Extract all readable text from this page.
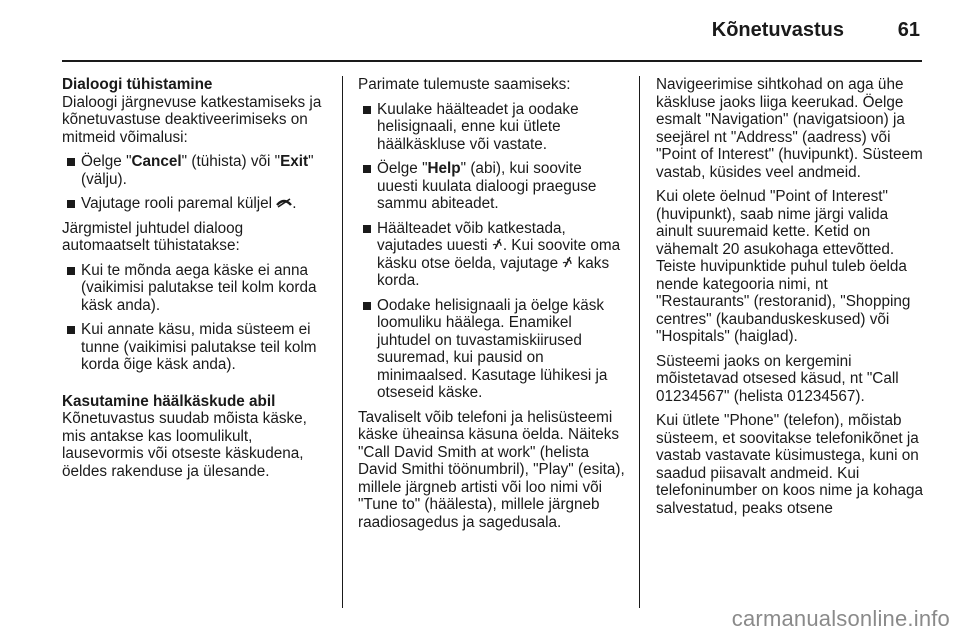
Kõnetuvastus	61
Dialoogi tühistamine

Dialoogi järgnevuse katkestamiseks ja kõnetuvastuse deaktiveerimiseks on mitmeid võimalusi:

Öelge "Cancel" (tühista) või "Exit" (välju).
Vajutage rooli paremal küljel .

Järgmistel juhtudel dialoog automaatselt tühistatakse:

Kui te mõnda aega käske ei anna (vaikimisi palutakse teil kolm korda käsk anda).
Kui annate käsu, mida süsteem ei tunne (vaikimisi palutakse teil kolm korda õige käsk anda).
Kasutamine häälkäskude abil

Kõnetuvastus suudab mõista käske, mis antakse kas loomulikult, lausevormis või otseste käskudena, öeldes rakenduse ja ülesande.

Parimate tulemuste saamiseks:

Kuulake häälteadet ja oodake helisignaali, enne kui ütlete häälkäskluse või vastate.
Öelge "Help" (abi), kui soovite uuesti kuulata dialoogi praeguse sammu abiteadet.
Häälteadet võib katkestada, vajutades uuesti . Kui soovite oma käsku otse öelda, vajutage  kaks korda.
Oodake helisignaali ja öelge käsk loomuliku häälega. Enamikel juhtudel on tuvastamiskiirused suuremad, kui pausid on minimaalsed. Kasutage lühikesi ja otseseid käske.

Tavaliselt võib telefoni ja helisüsteemi käske üheainsa käsuna öelda. Näiteks "Call David Smith at work" (helista David Smithi töönumbril), "Play" (esita), millele järgneb artisti või loo nimi või "Tune to" (häälesta), millele järgneb raadiosagedus ja sagedusala.

Navigeerimise sihtkohad on aga ühe käskluse jaoks liiga keerukad. Öelge esmalt "Navigation" (navigatsioon) ja seejärel nt "Address" (aadress) või "Point of Interest" (huvipunkt). Süsteem vastab, küsides veel andmeid.

Kui olete öelnud "Point of Interest" (huvipunkt), saab nime järgi valida ainult suuremaid kette. Ketid on vähemalt 20 asukohaga ettevõtted. Teiste huvipunktide puhul tuleb öelda nende kategooria nimi, nt "Restaurants" (restoranid), "Shopping centres" (kaubanduskeskused) või "Hospitals" (haiglad).

Süsteemi jaoks on kergemini mõistetavad otsesed käsud, nt "Call 01234567" (helista 01234567).

Kui ütlete "Phone" (telefon), mõistab süsteem, et soovitakse telefonikõnet ja vastab vastavate küsimustega, kuni on saadud piisavalt andmeid. Kui telefoninumber on koos nime ja kohaga salvestatud, peaks otsene

carmanualsonline.info
